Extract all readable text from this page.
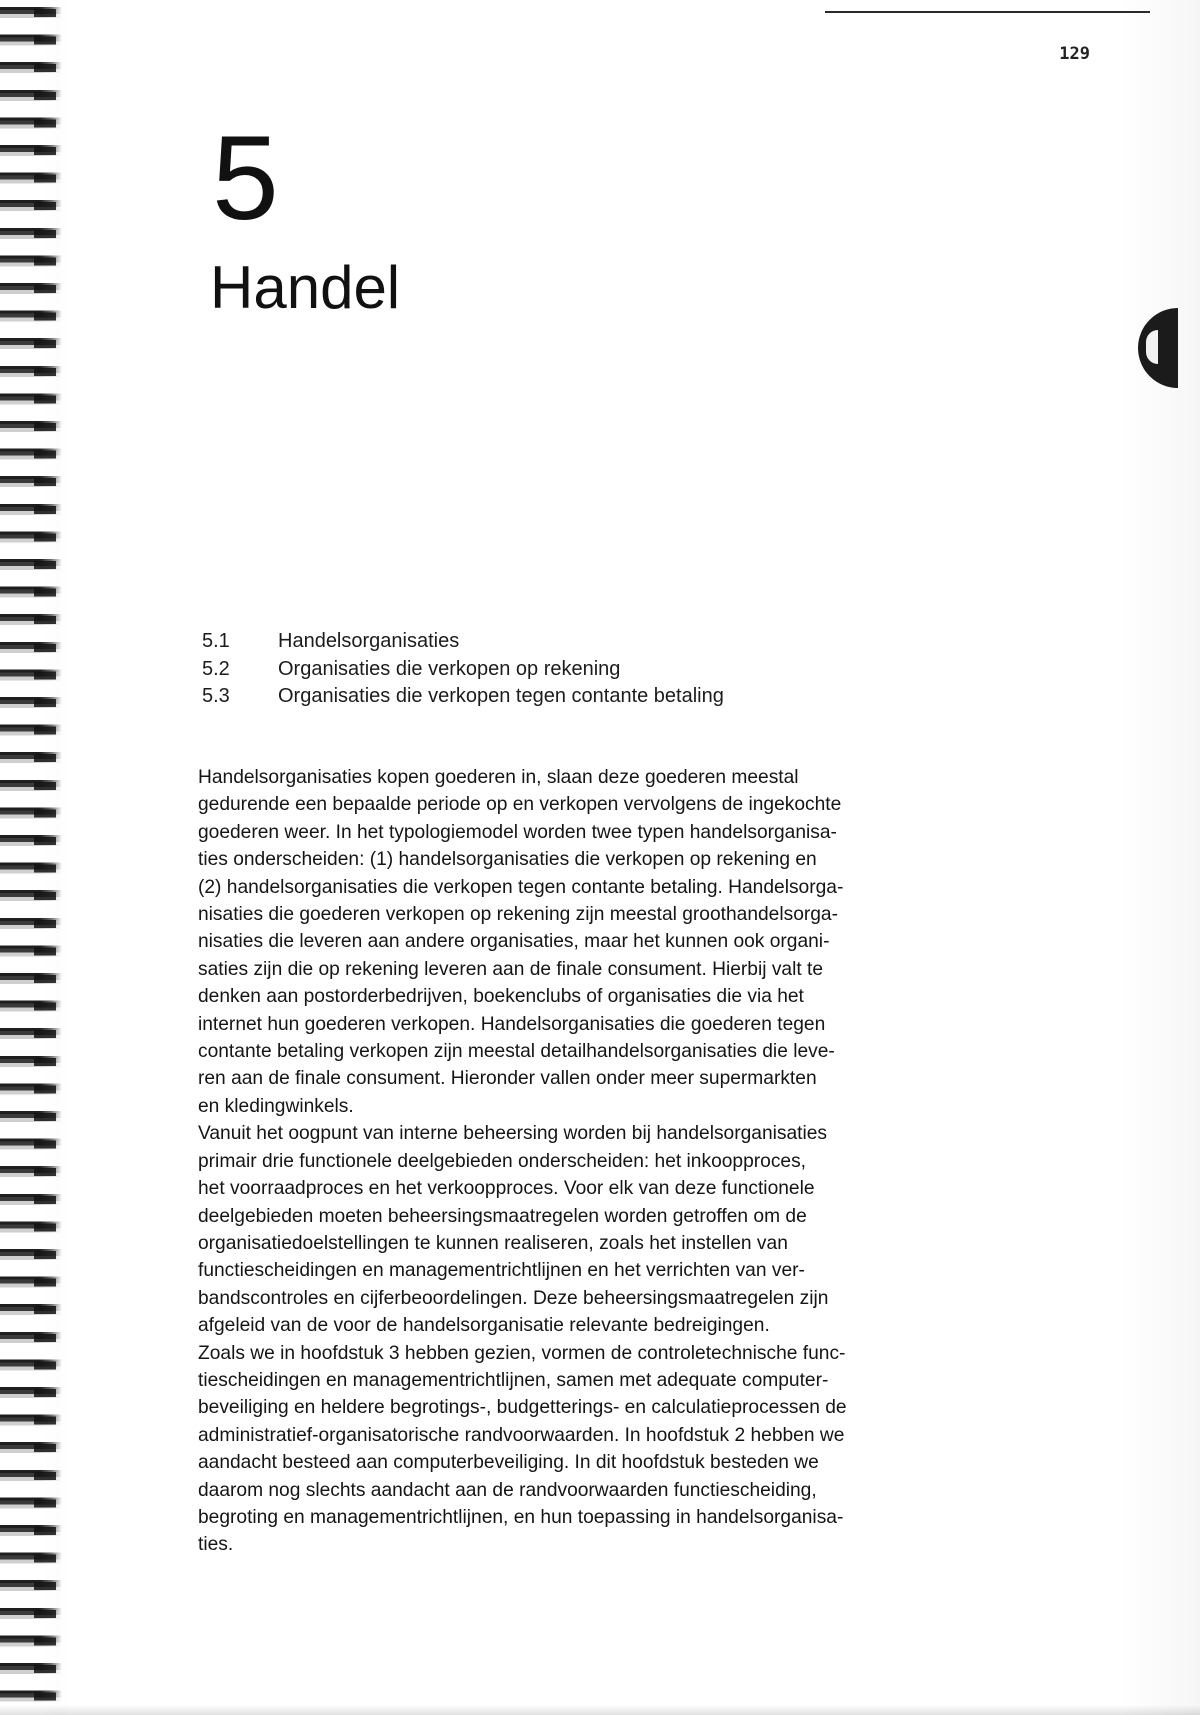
129
5
Handel
5.1	Handelsorganisaties
5.2	Organisaties die verkopen op rekening
5.3	Organisaties die verkopen tegen contante betaling

Handelsorganisaties kopen goederen in, slaan deze goederen meestal
gedurende een bepaalde periode op en verkopen vervolgens de ingekochte
goederen weer. In het typologiemodel worden twee typen handelsorganisa-
ties onderscheiden: (1) handelsorganisaties die verkopen op rekening en
(2) handelsorganisaties die verkopen tegen contante betaling. Handelsorga-
nisaties die goederen verkopen op rekening zijn meestal groothandelsorga-
nisaties die leveren aan andere organisaties, maar het kunnen ook organi-
saties zijn die op rekening leveren aan de finale consument. Hierbij valt te
denken aan postorderbedrijven, boekenclubs of organisaties die via het
internet hun goederen verkopen. Handelsorganisaties die goederen tegen
contante betaling verkopen zijn meestal detailhandelsorganisaties die leve-
ren aan de finale consument. Hieronder vallen onder meer supermarkten
en kledingwinkels.
Vanuit het oogpunt van interne beheersing worden bij handelsorganisaties
primair drie functionele deelgebieden onderscheiden: het inkoopproces,
het voorraadproces en het verkoopproces. Voor elk van deze functionele
deelgebieden moeten beheersingsmaatregelen worden getroffen om de
organisatiedoelstellingen te kunnen realiseren, zoals het instellen van
functiescheidingen en managementrichtlijnen en het verrichten van ver-
bandscontroles en cijferbeoordelingen. Deze beheersingsmaatregelen zijn
afgeleid van de voor de handelsorganisatie relevante bedreigingen.
Zoals we in hoofdstuk 3 hebben gezien, vormen de controletechnische func-
tiescheidingen en managementrichtlijnen, samen met adequate computer-
beveiliging en heldere begrotings-, budgetterings- en calculatieprocessen de
administratief-organisatorische randvoorwaarden. In hoofdstuk 2 hebben we
aandacht besteed aan computerbeveiliging. In dit hoofdstuk besteden we
daarom nog slechts aandacht aan de randvoorwaarden functiescheiding,
begroting en managementrichtlijnen, en hun toepassing in handelsorganisa-
ties.
